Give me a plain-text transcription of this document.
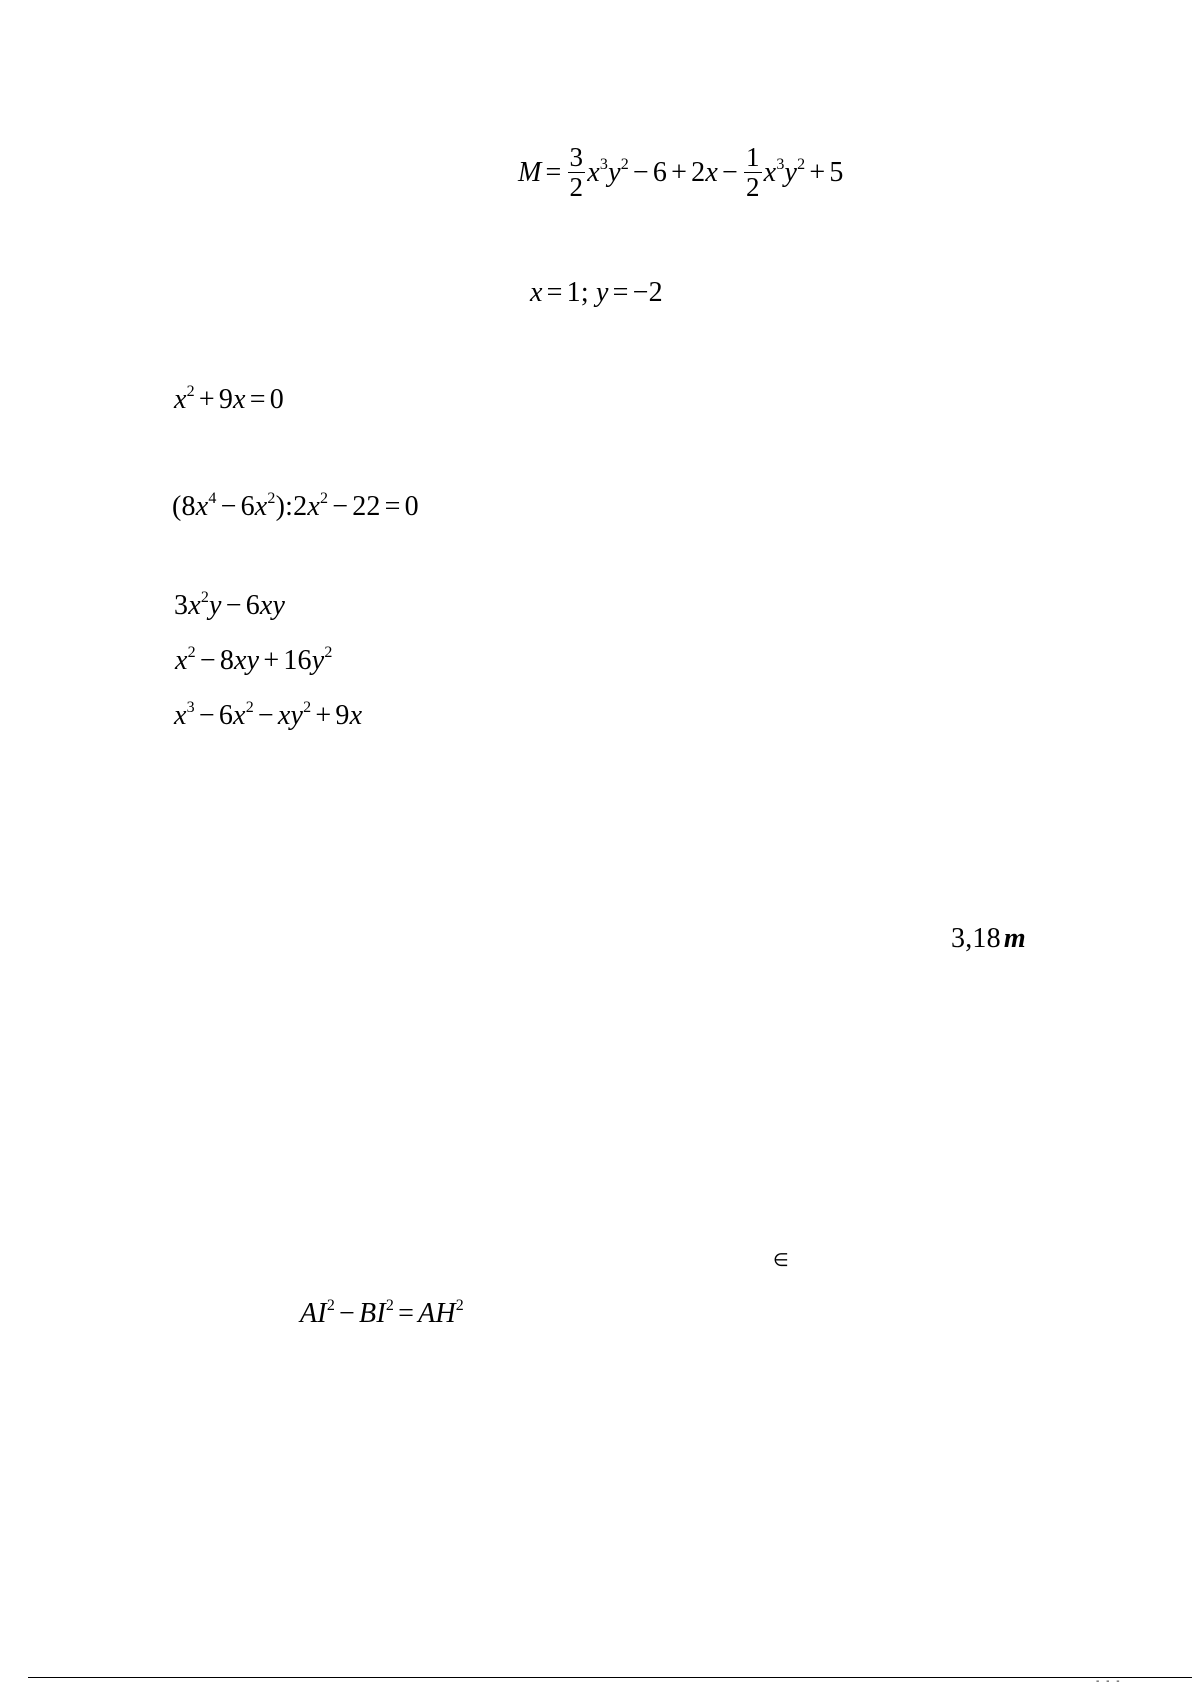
$M = \frac{3}{2} x^3y^2 - 6 + 2x - \frac{1}{2} x^3y^2 + 5$
x = 1; y = −2
$x^2 + 9x = 0$
($8x^4$ − $6x^2):2x^2 - 22 = 0$
$3x^2y - 6xy$
$x^2 - 8xy + 16y^2$
$x^3 - 6x^2 - xy^2 + 9x$
3,18 m
∈
$AI^2 - BI^2 = AH^2$
- - -
